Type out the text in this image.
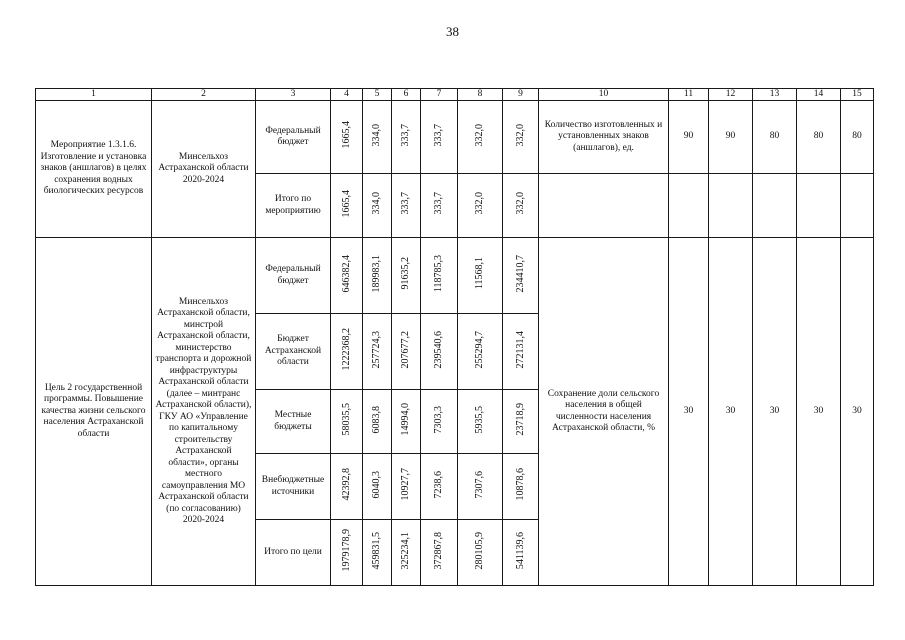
38
1	2	3	4	5	6	7	8	9	10	11	12	13	14	15

Мероприятие 1.3.1.6. Изготовление и установка знаков (аншлагов) в целях сохранения водных биологических ресурсов	Минсельхоз Астраханской области 2020-2024	Федеральный бюджет	1665,4	334,0	333,7	333,7	332,0	332,0	Количество изготовленных и установленных знаков (аншлагов), ед.	90	90	80	80	80

		Итого по мероприятию	1665,4	334,0	333,7	333,7	332,0	332,0						

Цель 2 государственной программы. Повышение качества жизни сельского населения Астраханской области	Минсельхоз Астраханской области, минстрой Астраханской области, министерство транспорта и дорожной инфраструктуры Астраханской области (далее – минтранс Астраханской области), ГКУ АО «Управление по капитальному строительству Астраханской области», органы местного самоуправления МО Астраханской области (по согласованию) 2020-2024	Федеральный бюджет	646382,4	189983,1	91635,2	118785,3	11568,1	234410,7	Сохранение доли сельского населения в общей численности населения Астраханской области, %	30	30	30	30	30

		Бюджет Астраханской области	1222368,2	257724,3	207677,2	239540,6	255294,7	272131,4						

		Местные бюджеты	58035,5	6083,8	14994,0	7303,3	5935,5	23718,9						

		Внебюджетные источники	42392,8	6040,3	10927,7	7238,6	7307,6	10878,6						

		Итого по цели	1979178,9	459831,5	325234,1	372867,8	280105,9	541139,6						
